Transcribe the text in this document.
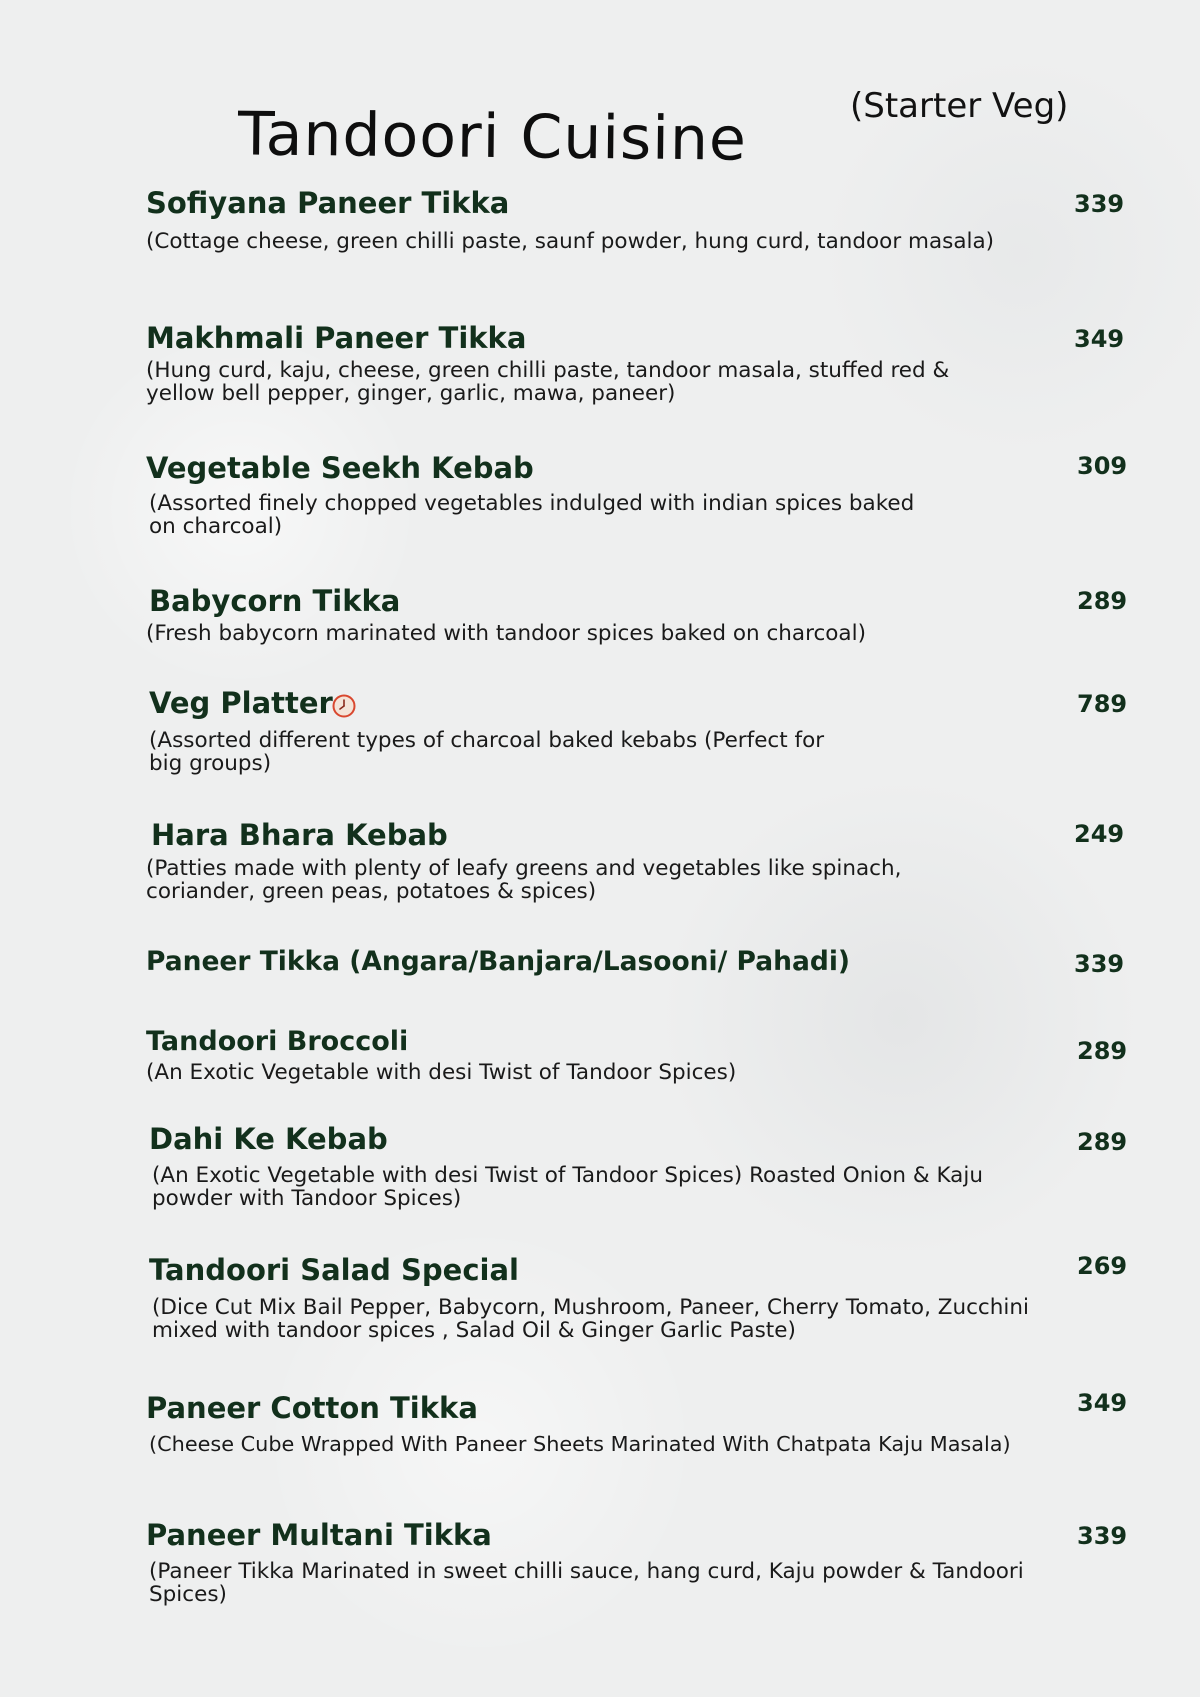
Tandoori Cuisine	(Starter Veg)
Sofiyana Paneer Tikka	339

(Cottage cheese, green chilli paste, saunf powder, hung curd, tandoor masala)

Makhmali Paneer Tikka	349

(Hung curd, kaju, cheese, green chilli paste, tandoor masala, stuffed red & yellow bell pepper, ginger, garlic, mawa, paneer)

Vegetable Seekh Kebab	309

(Assorted finely chopped vegetables indulged with indian spices baked on charcoal)

Babycorn Tikka	289

(Fresh babycorn marinated with tandoor spices baked on charcoal)

Veg Platter	789

(Assorted different types of charcoal baked kebabs (Perfect for big groups)

Hara Bhara Kebab	249

(Patties made with plenty of leafy greens and vegetables like spinach, coriander, green peas, potatoes & spices)

Paneer Tikka (Angara/Banjara/Lasooni/ Pahadi)	339
Tandoori Broccoli	289

(An Exotic Vegetable with desi Twist of Tandoor Spices)

Dahi Ke Kebab	289

(An Exotic Vegetable with desi Twist of Tandoor Spices) Roasted Onion & Kaju powder with Tandoor Spices)

Tandoori Salad Special	269

(Dice Cut Mix Bail Pepper, Babycorn, Mushroom, Paneer, Cherry Tomato, Zucchini mixed with tandoor spices , Salad Oil & Ginger Garlic Paste)

Paneer Cotton Tikka	349

(Cheese Cube Wrapped With Paneer Sheets Marinated With Chatpata Kaju Masala)

Paneer Multani Tikka	339

(Paneer Tikka Marinated in sweet chilli sauce, hang curd, Kaju powder & Tandoori Spices)
